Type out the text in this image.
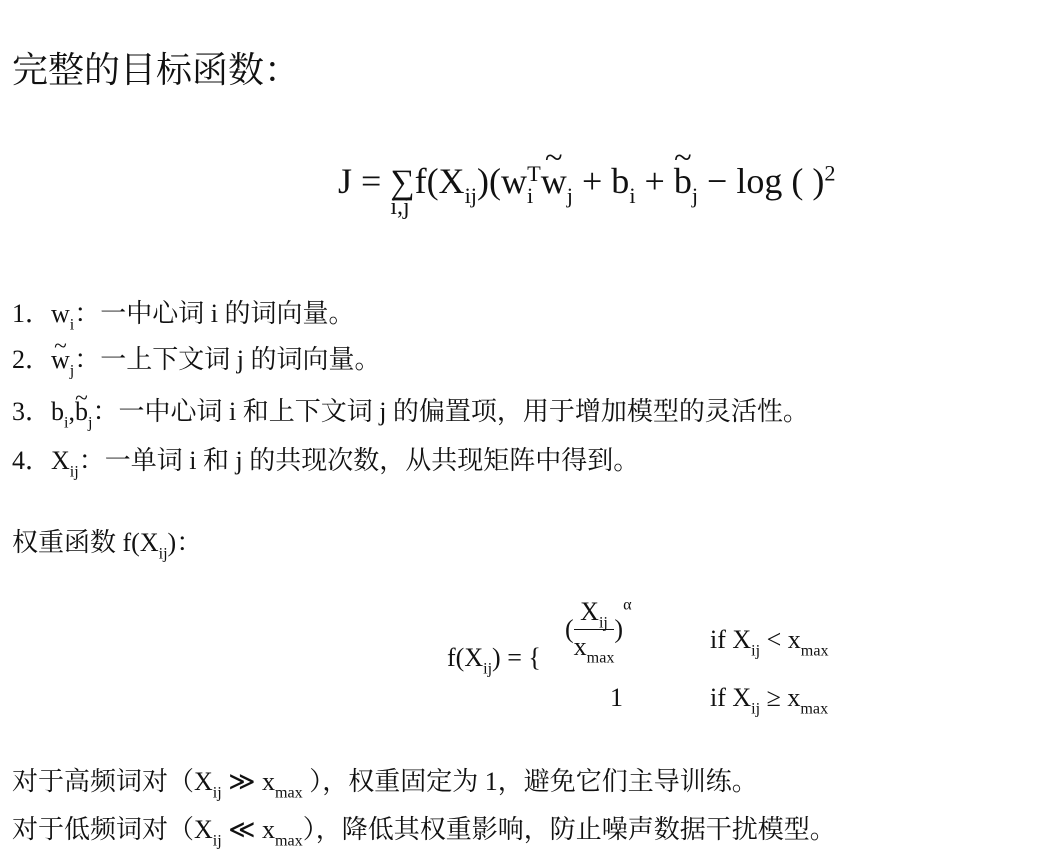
完整的目标函数：
J = ∑
i,j
$f(X_{ij})(w_i^T\sim$ $w_j + b_i$ + ~ $b_j - \log$ ( )$^2$
1．$w_i$：一中心词 i 的词向量。
2．~ $w_j$：一上下文词 j 的词向量。
3．$b_i,\sim$ $b_j$：一中心词 i 和上下文词 j 的偏置项，用于增加模型的灵活性。
4．$X_{ij}$：一单词 i 和 j 的共现次数，从共现矩阵中得到。
权重函数 $f(X_{ij})$：
$f(X_{ij})$ = {
( $\frac{X_{ij}}{x_{max}} )^\alpha$
if $X_{ij} < x_{max}$
1	if $X_{ij} \ge x_{max}$
对于高频词对（$X_{ij}$ ≫ $x_{max}$ ），权重固定为 1，避免它们主导训练。
对于低频词对（$X_{ij}$ ≪ $x_{max}$），降低其权重影响，防止噪声数据干扰模型。
